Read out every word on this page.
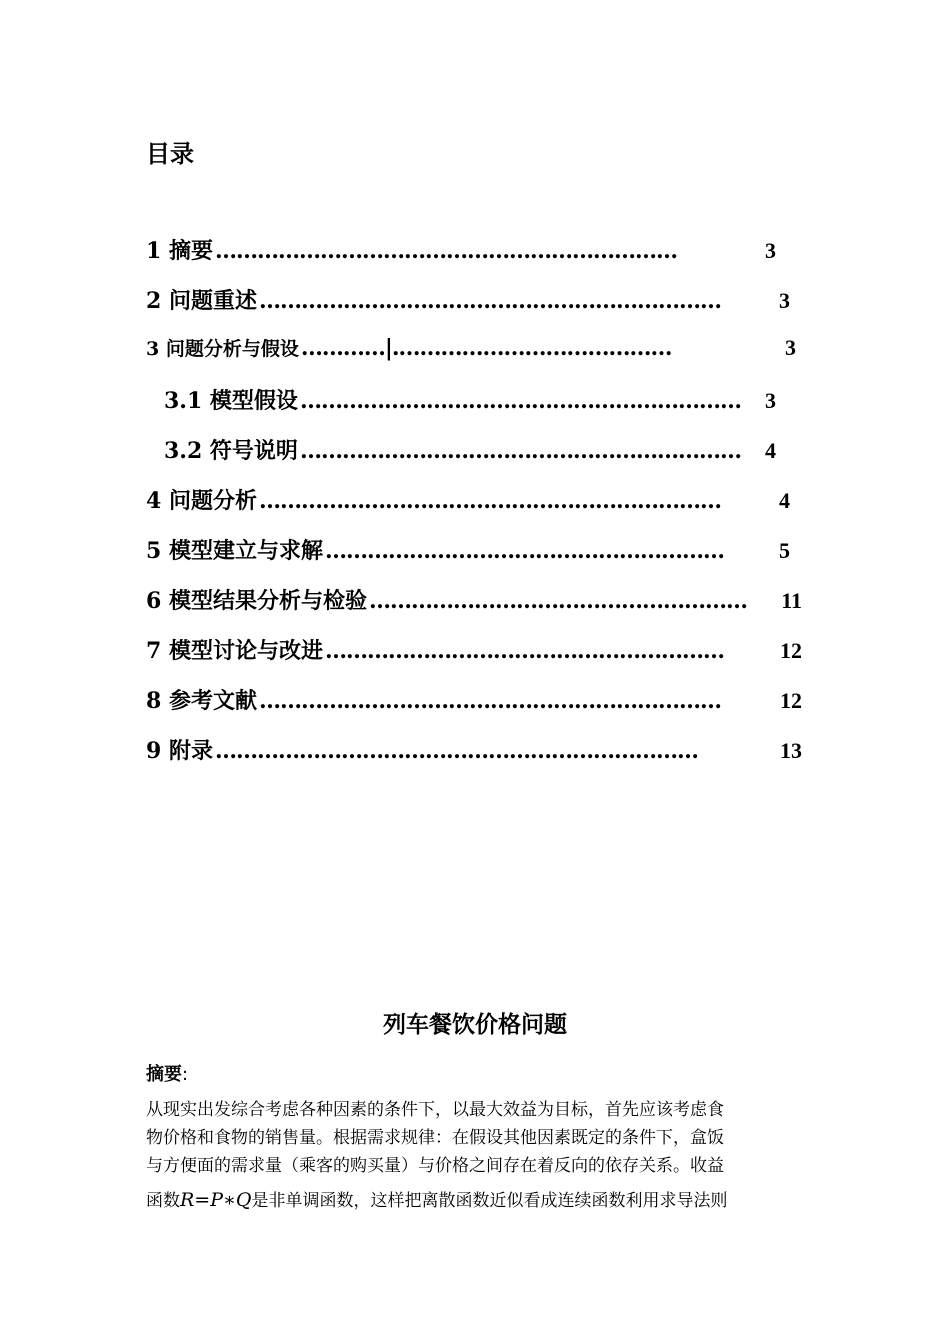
目录
1 摘要 …………………………………………………………	3
2 问题重述 …………………………………………………………	3
3 问题分析与假设 …………|.…………………………………	3
3.1 模型假设 ………………………………………………………	3
3.2 符号说明 ………………………………………………………	4
4 问题分析 …………………………………………………………	4
5 模型建立与求解 …………………………………………………	5
6 模型结果分析与检验 ………………………………………………	11
7 模型讨论与改进 …………………………………………………	12
8 参考文献 …………………………………………………………	12
9 附录 ……………………………………………………………	13
列车餐饮价格问题
摘要:
从现实出发综合考虑各种因素的条件下，以最大效益为目标，首先应该考虑食
物价格和食物的销售量。根据需求规律：在假设其他因素既定的条件下，盒饭
与方便面的需求量（乘客的购买量）与价格之间存在着反向的依存关系。收益
函数R=P∗Q是非单调函数，这样把离散函数近似看成连续函数利用求导法则
